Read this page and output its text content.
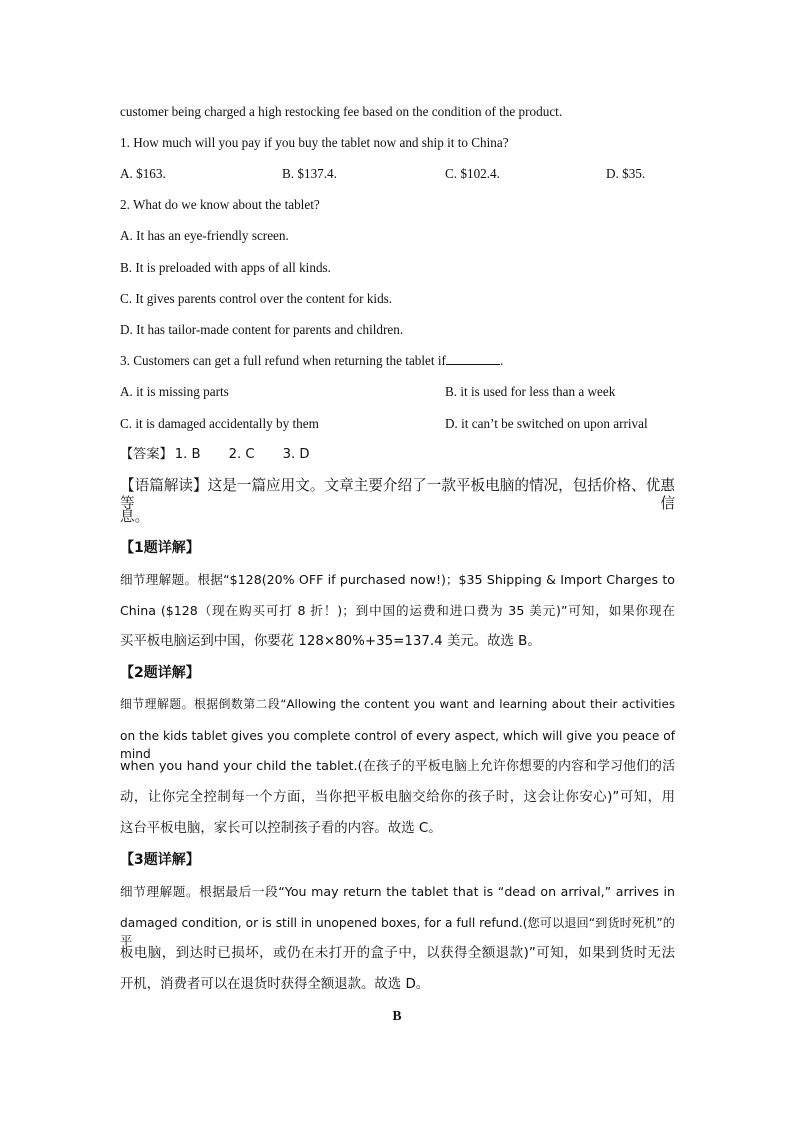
customer being charged a high restocking fee based on the condition of the product.
1. How much will you pay if you buy the tablet now and ship it to China?
A. $163.	B. $137.4.	C. $102.4.	D. $35.
2. What do we know about the tablet?
A. It has an eye-friendly screen.
B. It is preloaded with apps of all kinds.
C. It gives parents control over the content for kids.
D. It has tailor-made content for parents and children.
3. Customers can get a full refund when returning the tablet if	.
A. it is missing parts	B. it is used for less than a week
C. it is damaged accidentally by them	D. it can’t be switched on upon arrival
【答案】 1. B 2. C 3. D
【语篇解读】这是一篇应用文。文章主要介绍了一款平板电脑的情况，包括价格、优惠等信
息。
【1题详解】
细节理解题。根据“$128(20% OFF if purchased now!)；$35 Shipping & Import Charges to
China ($128（现在购买可打 8 折！)；到中国的运费和进口费为 35 美元)”可知，如果你现在
买平板电脑运到中国，你要花 128×80%+35=137.4 美元。故选 B。
【2题详解】
细节理解题。根据倒数第二段“Allowing the content you want and learning about their activities
on the kids tablet gives you complete control of every aspect, which will give you peace of mind
when you hand your child the tablet.(在孩子的平板电脑上允许你想要的内容和学习他们的活
动，让你完全控制每一个方面，当你把平板电脑交给你的孩子时，这会让你安心)”可知，用
这台平板电脑，家长可以控制孩子看的内容。故选 C。
【3题详解】
细节理解题。根据最后一段“You may return the tablet that is “dead on arrival,” arrives in
damaged condition, or is still in unopened boxes, for a full refund.(您可以退回“到货时死机”的平
板电脑，到达时已损坏，或仍在未打开的盒子中，以获得全额退款)”可知，如果到货时无法
开机，消费者可以在退货时获得全额退款。故选 D。
B
